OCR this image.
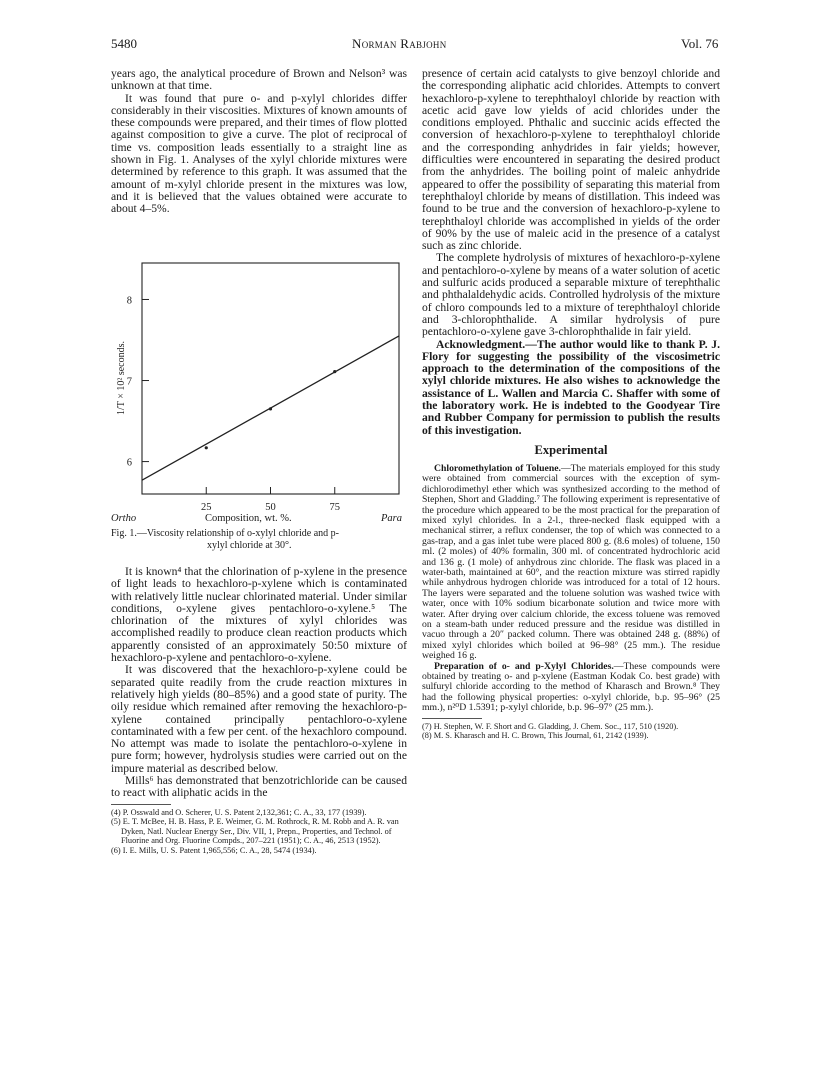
5480	Norman Rabjohn	Vol. 76

years ago, the analytical procedure of Brown and Nelson³ was unknown at that time.

It was found that pure o- and p-xylyl chlorides differ considerably in their viscosities. Mixtures of known amounts of these compounds were prepared, and their times of flow plotted against composition to give a curve. The plot of reciprocal of time vs. composition leads essentially to a straight line as shown in Fig. 1. Analyses of the xylyl chloride mixtures were determined by reference to this graph. It was assumed that the amount of m-xylyl chloride present in the mixtures was low, and it is believed that the values obtained were accurate to about 4–5%.

25	50	75
6
7
8
1/T × 10² seconds.
Ortho	Composition, wt. %.	Para
Fig. 1.—Viscosity relationship of o-xylyl chloride and p-
xylyl chloride at 30°.

It is known⁴ that the chlorination of p-xylene in the presence of light leads to hexachloro-p-xylene which is contaminated with relatively little nuclear chlorinated material. Under similar conditions, o-xylene gives pentachloro-o-xylene.⁵ The chlorination of the mixtures of xylyl chlorides was accomplished readily to produce clean reaction products which apparently consisted of an approximately 50:50 mixture of hexachloro-p-xylene and pentachloro-o-xylene.

It was discovered that the hexachloro-p-xylene could be separated quite readily from the crude reaction mixtures in relatively high yields (80–85%) and a good state of purity. The oily residue which remained after removing the hexachloro-p-xylene contained principally pentachloro-o-xylene contaminated with a few per cent. of the hexachloro compound. No attempt was made to isolate the pentachloro-o-xylene in pure form; however, hydrolysis studies were carried out on the impure material as described below.

Mills⁶ has demonstrated that benzotrichloride can be caused to react with aliphatic acids in the

(4) P. Osswald and O. Scherer, U. S. Patent 2,132,361; C. A., 33, 177 (1939).

(5) E. T. McBee, H. B. Hass, P. E. Weimer, G. M. Rothrock, R. M. Robb and A. R. van Dyken, Natl. Nuclear Energy Ser., Div. VII, 1, Prepn., Properties, and Technol. of Fluorine and Org. Fluorine Compds., 207–221 (1951); C. A., 46, 2513 (1952).

(6) I. E. Mills, U. S. Patent 1,965,556; C. A., 28, 5474 (1934).

presence of certain acid catalysts to give benzoyl chloride and the corresponding aliphatic acid chlorides. Attempts to convert hexachloro-p-xylene to terephthaloyl chloride by reaction with acetic acid gave low yields of acid chlorides under the conditions employed. Phthalic and succinic acids effected the conversion of hexachloro-p-xylene to terephthaloyl chloride and the corresponding anhydrides in fair yields; however, difficulties were encountered in separating the desired product from the anhydrides. The boiling point of maleic anhydride appeared to offer the possibility of separating this material from terephthaloyl chloride by means of distillation. This indeed was found to be true and the conversion of hexachloro-p-xylene to terephthaloyl chloride was accomplished in yields of the order of 90% by the use of maleic acid in the presence of a catalyst such as zinc chloride.

The complete hydrolysis of mixtures of hexachloro-p-xylene and pentachloro-o-xylene by means of a water solution of acetic and sulfuric acids produced a separable mixture of terephthalic and phthalaldehydic acids. Controlled hydrolysis of the mixture of chloro compounds led to a mixture of terephthaloyl chloride and 3-chlorophthalide. A similar hydrolysis of pure pentachloro-o-xylene gave 3-chlorophthalide in fair yield.

Acknowledgment.—The author would like to thank P. J. Flory for suggesting the possibility of the viscosimetric approach to the determination of the compositions of the xylyl chloride mixtures. He also wishes to acknowledge the assistance of L. Wallen and Marcia C. Shaffer with some of the laboratory work. He is indebted to the Goodyear Tire and Rubber Company for permission to publish the results of this investigation.

Experimental

Chloromethylation of Toluene.—The materials employed for this study were obtained from commercial sources with the exception of sym-dichlorodimethyl ether which was synthesized according to the method of Stephen, Short and Gladding.⁷ The following experiment is representative of the procedure which appeared to be the most practical for the preparation of mixed xylyl chlorides. In a 2-l., three-necked flask equipped with a mechanical stirrer, a reflux condenser, the top of which was connected to a gas-trap, and a gas inlet tube were placed 800 g. (8.6 moles) of toluene, 150 ml. (2 moles) of 40% formalin, 300 ml. of concentrated hydrochloric acid and 136 g. (1 mole) of anhydrous zinc chloride. The flask was placed in a water-bath, maintained at 60°, and the reaction mixture was stirred rapidly while anhydrous hydrogen chloride was introduced for a total of 12 hours. The layers were separated and the toluene solution was washed twice with water, once with 10% sodium bicarbonate solution and twice more with water. After drying over calcium chloride, the excess toluene was removed on a steam-bath under reduced pressure and the residue was distilled in vacuo through a 20″ packed column. There was obtained 248 g. (88%) of mixed xylyl chlorides which boiled at 96–98° (25 mm.). The residue weighed 16 g.

Preparation of o- and p-Xylyl Chlorides.—These compounds were obtained by treating o- and p-xylene (Eastman Kodak Co. best grade) with sulfuryl chloride according to the method of Kharasch and Brown.⁸ They had the following physical properties: o-xylyl chloride, b.p. 95–96° (25 mm.), n²⁰D 1.5391; p-xylyl chloride, b.p. 96–97° (25 mm.).

(7) H. Stephen, W. F. Short and G. Gladding, J. Chem. Soc., 117, 510 (1920).

(8) M. S. Kharasch and H. C. Brown, This Journal, 61, 2142 (1939).
